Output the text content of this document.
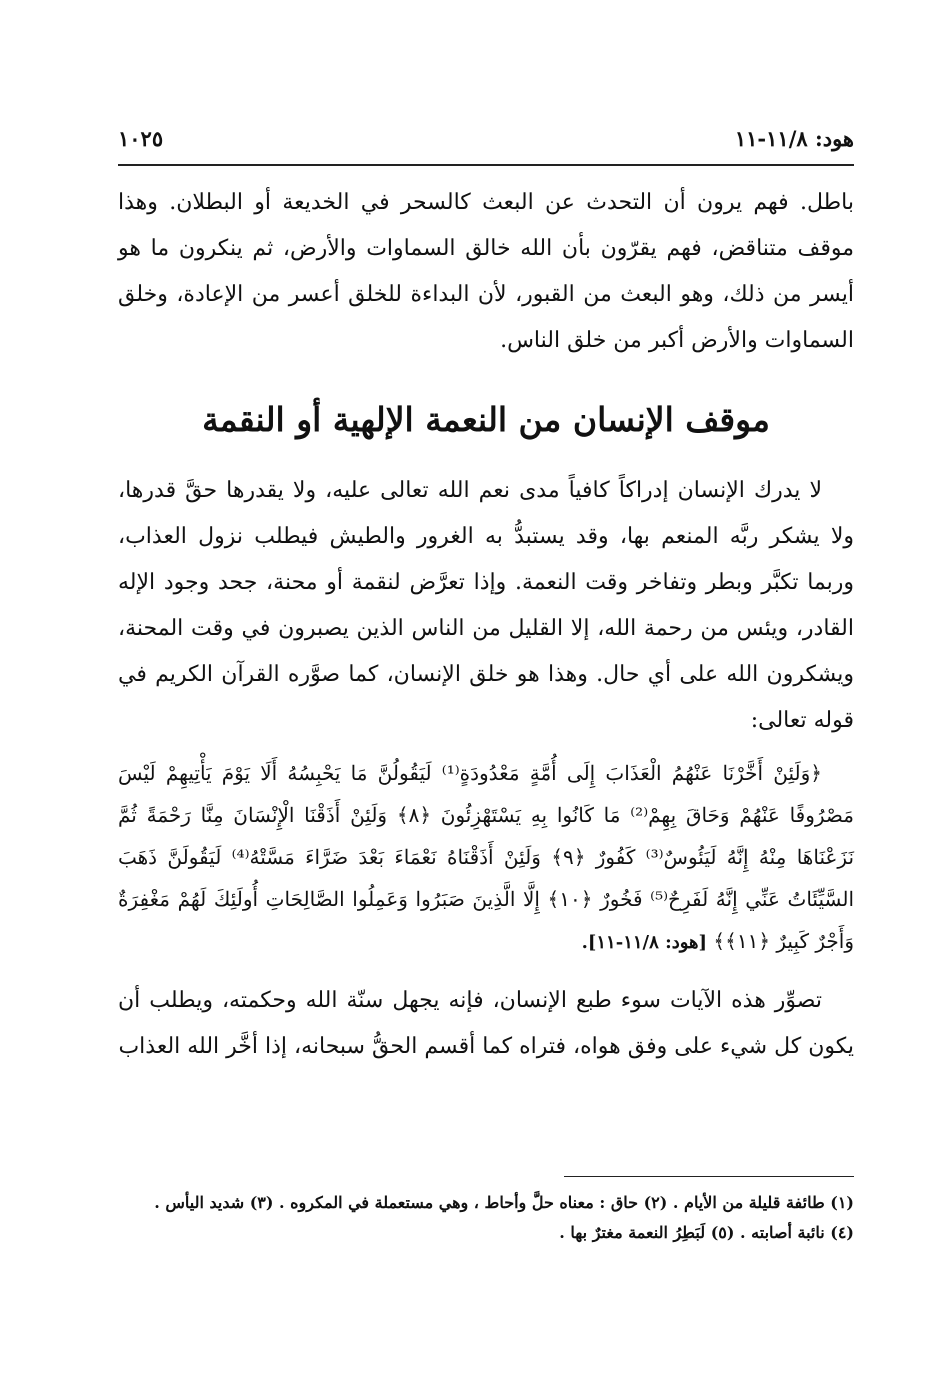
هود: ١١/٨-١١
١٠٢٥

باطل. فهم يرون أن التحدث عن البعث كالسحر في الخديعة أو البطلان. وهذا موقف متناقض، فهم يقرّون بأن الله خالق السماوات والأرض، ثم ينكرون ما هو أيسر من ذلك، وهو البعث من القبور، لأن البداءة للخلق أعسر من الإعادة، وخلق السماوات والأرض أكبر من خلق الناس.

موقف الإنسان من النعمة الإلهية أو النقمة

لا يدرك الإنسان إدراكاً كافياً مدى نعم الله تعالى عليه، ولا يقدرها حقَّ قدرها، ولا يشكر ربَّه المنعم بها، وقد يستبدُّ به الغرور والطيش فيطلب نزول العذاب، وربما تكبَّر وبطر وتفاخر وقت النعمة. وإذا تعرَّض لنقمة أو محنة، جحد وجود الإله القادر، ويئس من رحمة الله، إلا القليل من الناس الذين يصبرون في وقت المحنة، ويشكرون الله على أي حال. وهذا هو خلق الإنسان، كما صوَّره القرآن الكريم في قوله تعالى:

﴿وَلَئِنْ أَخَّرْنَا عَنْهُمُ الْعَذَابَ إِلَى أُمَّةٍ مَعْدُودَةٍ⁽¹⁾ لَيَقُولُنَّ مَا يَحْبِسُهُ أَلَا يَوْمَ يَأْتِيهِمْ لَيْسَ مَصْرُوفًا عَنْهُمْ وَحَاقَ بِهِمْ⁽²⁾ مَا كَانُوا بِهِ يَسْتَهْزِئُونَ ﴿٨﴾ وَلَئِنْ أَذَقْنَا الْإِنْسَانَ مِنَّا رَحْمَةً ثُمَّ نَزَعْنَاهَا مِنْهُ إِنَّهُ لَيَئُوسٌ⁽³⁾ كَفُورٌ ﴿٩﴾ وَلَئِنْ أَذَقْنَاهُ نَعْمَاءَ بَعْدَ ضَرَّاءَ مَسَّتْهُ⁽⁴⁾ لَيَقُولَنَّ ذَهَبَ السَّيِّئَاتُ عَنِّي إِنَّهُ لَفَرِحٌ⁽⁵⁾ فَخُورٌ ﴿١٠﴾ إِلَّا الَّذِينَ صَبَرُوا وَعَمِلُوا الصَّالِحَاتِ أُولَئِكَ لَهُمْ مَغْفِرَةٌ وَأَجْرٌ كَبِيرٌ ﴿١١﴾﴾ [هود: ١١/٨-١١].

تصوِّر هذه الآيات سوء طبع الإنسان، فإنه يجهل سنّة الله وحكمته، ويطلب أن يكون كل شيء على وفق هواه، فتراه كما أقسم الحقُّ سبحانه، إذا أخَّر الله العذاب

(١) طائفة قليلة من الأيام . (٢) حاق : معناه حلَّ وأحاط ، وهي مستعملة في المكروه . (٣) شديد اليأس .

(٤) نائبة أصابته . (٥) لَبَطِرُ النعمة مغترٌ بها .
